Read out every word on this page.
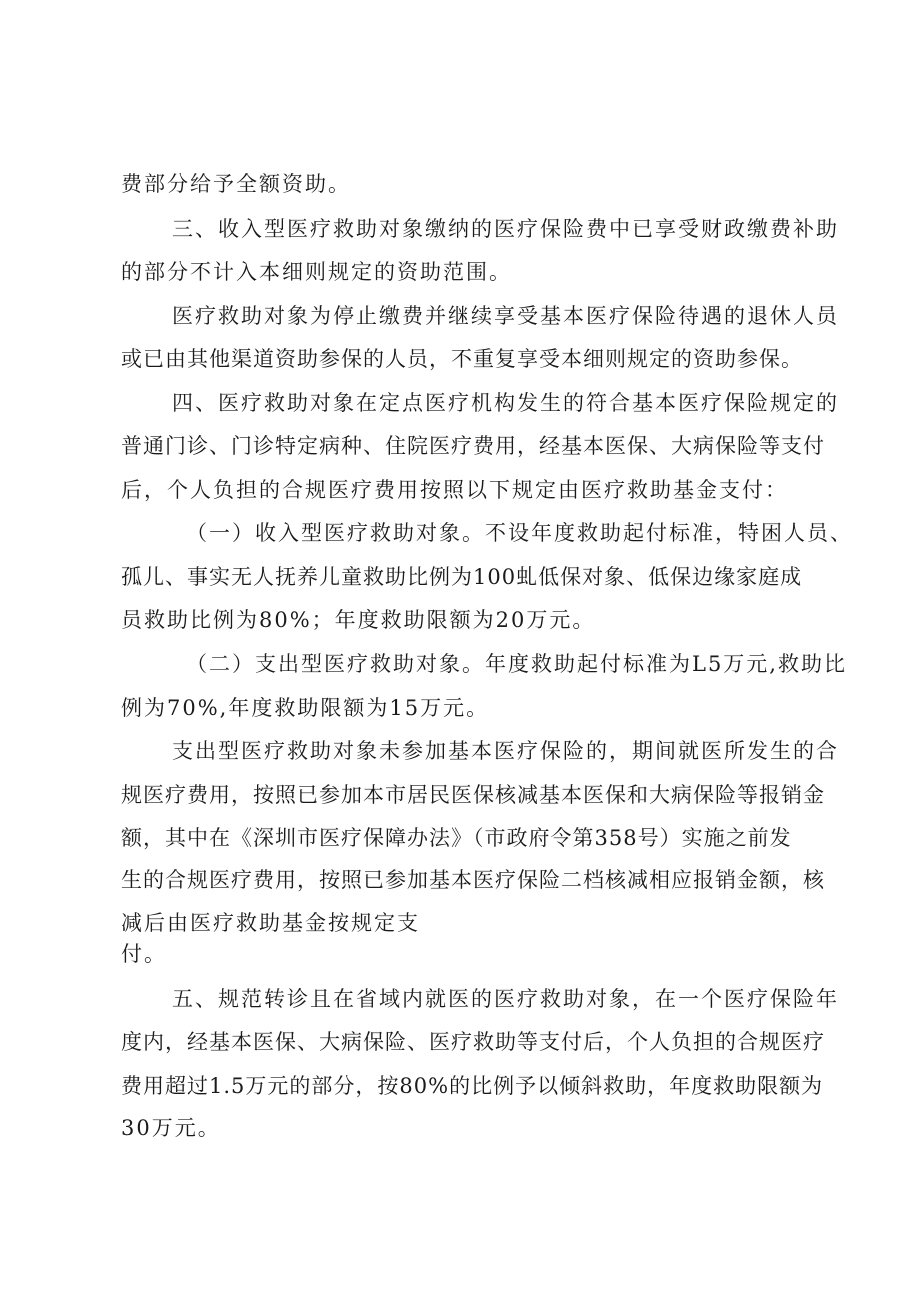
费部分给予全额资助。
三、收入型医疗救助对象缴纳的医疗保险费中已享受财政缴费补助
的部分不计入本细则规定的资助范围。
医疗救助对象为停止缴费并继续享受基本医疗保险待遇的退休人员
或已由其他渠道资助参保的人员，不重复享受本细则规定的资助参保。
四、医疗救助对象在定点医疗机构发生的符合基本医疗保险规定的
普通门诊、门诊特定病种、住院医疗费用，经基本医保、大病保险等支付
后，个人负担的合规医疗费用按照以下规定由医疗救助基金支付：
（一）收入型医疗救助对象。不设年度救助起付标准，特困人员、
孤儿、事实无人抚养儿童救助比例为100虬低保对象、低保边缘家庭成
员救助比例为80%；年度救助限额为20万元。
（二）支出型医疗救助对象。年度救助起付标准为L5万元,救助比
例为70%,年度救助限额为15万元。
支出型医疗救助对象未参加基本医疗保险的，期间就医所发生的合
规医疗费用，按照已参加本市居民医保核减基本医保和大病保险等报销金
额，其中在《深圳市医疗保障办法》（市政府令第358号）实施之前发
生的合规医疗费用，按照已参加基本医疗保险二档核减相应报销金额，核
减后由医疗救助基金按规定支
付。
五、规范转诊且在省域内就医的医疗救助对象，在一个医疗保险年
度内，经基本医保、大病保险、医疗救助等支付后，个人负担的合规医疗
费用超过1.5万元的部分，按80%的比例予以倾斜救助，年度救助限额为
30万元。
